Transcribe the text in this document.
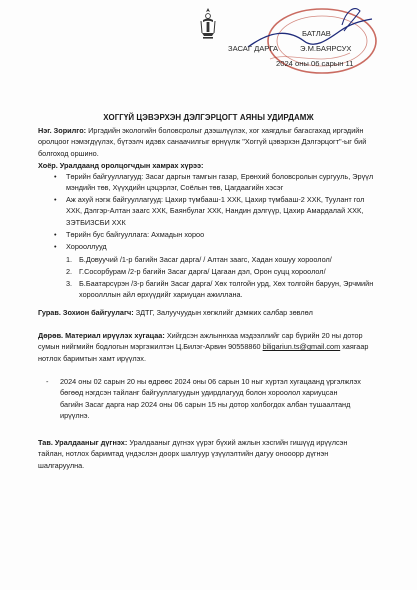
БАТЛАВ
ЗАСАГ ДАРГА	Э.М.БАЯРСУХ
2024 оны 06 сарын 11
ХОГГҮЙ ЦЭВЭРХЭН ДЭЛГЭРЦОГТ АЯНЫ УДИРДАМЖ
Нэг. Зорилго: Иргэдийн экологийн боловсролыг дээшлүүлэх, хог хаягдлыг багасгахад иргэдийн
оролцоог нэмэгдүүлэх, бүтээлч идэвх санаачилгыг өрнүүлж "Хоггүй цэвэрхэн Дэлгэрцогт"-ыг бий
болгоход оршино.
Хоёр. Уралдаанд оролцогчдын хамрах хүрээ:
•	Төрийн байгууллагууд: Засаг даргын тамгын газар, Ерөнхий боловсролын сургууль, Эрүүл
мэндийн төв, Хүүхдийн цэцэрлэг, Соёлын төв, Цагдаагийн хэсэг
•	Аж ахуй нэгж байгууллагууд: Цахир түмбааш-1 ХХК, Цахир түмбааш-2 ХХК, Туулант гол
ХХК, Дэлгэр-Алтан заагс ХХК, Баянбулаг ХХК, Нандин дэлгүүр, Цахир Амардалай ХХК,
ЗЭТБИЗСБИ ХХК
•	Төрийн бус байгууллага: Ахмадын хороо
•	Хорооллууд
1. Б.Довуучий /1-р багийн Засаг дарга/ / Алтан заагс, Хадан хошуу хороолол/
2. Г.Сосорбурам /2-р багийн Засаг дарга/ Цагаан дэл, Орон суцц хороолол/
3. Б.Баатарсүрэн /3-р багийн Засаг дарга/ Хөх толгойн урд, Хөх толгойн баруун, Эрчмийн
хороолллын айл өрхүүдийг хариуцан ажиллана.
Гурав. Зохион байгуулагч: ЗДТГ, Залуучуудын хөгжлийг дэмжих салбар зөвлөл
Дөрөв. Материал ирүүлэх хугацаа: Хийгдсэн ажлыннхаа мэдээллийг сар бүрийн 20 ны дотор
сумын нийгмийн бодлогын мэргэжилтэн Ц.Билэг-Арвин 90558860 biligariun.ts@gmail.com хаягаар
нотлох баримтын хамт ирүүлэх.
- 2024 оны 02 сарын 20 ны өдрөөс 2024 оны 06 сарын 10 ныг хүртэл хугацаанд үргэлжлэх
бөгөөд нэгдсэн тайланг байгууллагуудын удирдлагууд болон хороолол хариуцсан
багийн Засаг дарга нар 2024 оны 06 сарын 15 ны дотор холбогдох албан тушаалтанд
ирүүлнэ.
Тав. Уралдааныг дүгнэх: Уралдааныг дүгнэх үүрэг бүхий ажлын хэсгийн гишүүд ирүүлсэн
тайлан, нотлох баримтад үндэслэн доорх шалгуур үзүүлэлтийн дагуу онооорр дүгнэн
шалгаруулна.
